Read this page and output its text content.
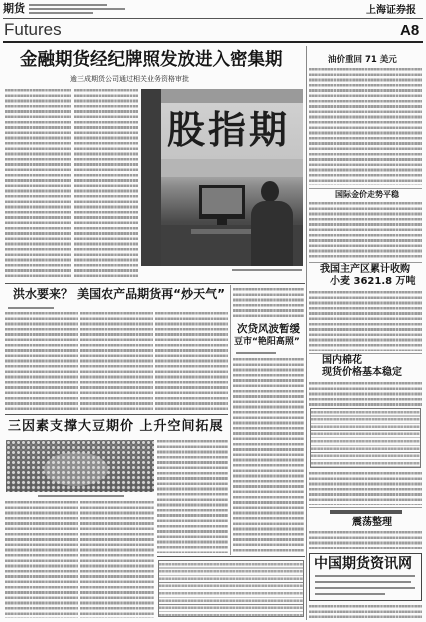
期货	上海证券报
Futures	A8
金融期货经纪牌照发放进入密集期
逾三成期货公司通过相关业务资格审批
股指期
油价重回 71 美元
国际金价走势平稳
我国主产区累计收购
小麦 3621.8 万吨
国内棉花
现货价格基本稳定
震荡整理
中国期货资讯网
洪水要来？ 美国农产品期货再“炒天气”
次贷风波暂缓
豆市“艳阳高照”
三因素支撑大豆期价 上升空间拓展
